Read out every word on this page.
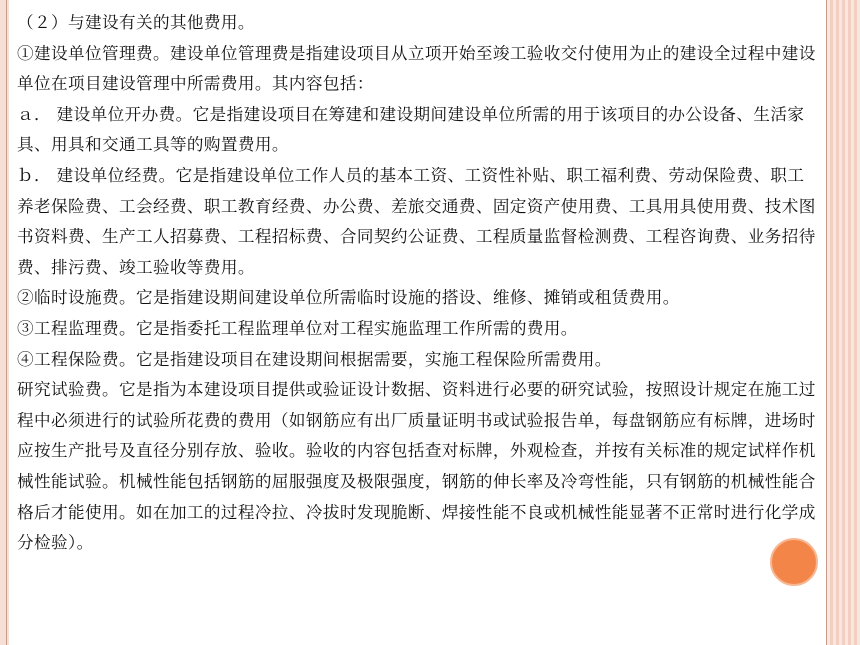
（２）与建设有关的其他费用。

①建设单位管理费。建设单位管理费是指建设项目从立项开始至竣工验收交付使用为止的建设全过程中建设单位在项目建设管理中所需费用。其内容包括：

ａ． 建设单位开办费。它是指建设项目在筹建和建设期间建设单位所需的用于该项目的办公设备、生活家具、用具和交通工具等的购置费用。

ｂ． 建设单位经费。它是指建设单位工作人员的基本工资、工资性补贴、职工福利费、劳动保险费、职工养老保险费、工会经费、职工教育经费、办公费、差旅交通费、固定资产使用费、工具用具使用费、技术图书资料费、生产工人招募费、工程招标费、合同契约公证费、工程质量监督检测费、工程咨询费、业务招待费、排污费、竣工验收等费用。

②临时设施费。它是指建设期间建设单位所需临时设施的搭设、维修、摊销或租赁费用。

③工程监理费。它是指委托工程监理单位对工程实施监理工作所需的费用。

④工程保险费。它是指建设项目在建设期间根据需要，实施工程保险所需费用。

研究试验费。它是指为本建设项目提供或验证设计数据、资料进行必要的研究试验，按照设计规定在施工过程中必须进行的试验所花费的费用（如钢筋应有出厂质量证明书或试验报告单，每盘钢筋应有标牌，进场时应按生产批号及直径分别存放、验收。验收的内容包括查对标牌，外观检查，并按有关标准的规定试样作机械性能试验。机械性能包括钢筋的屈服强度及极限强度，钢筋的伸长率及冷弯性能，只有钢筋的机械性能合格后才能使用。如在加工的过程冷拉、冷拔时发现脆断、焊接性能不良或机械性能显著不正常时进行化学成分检验）。
